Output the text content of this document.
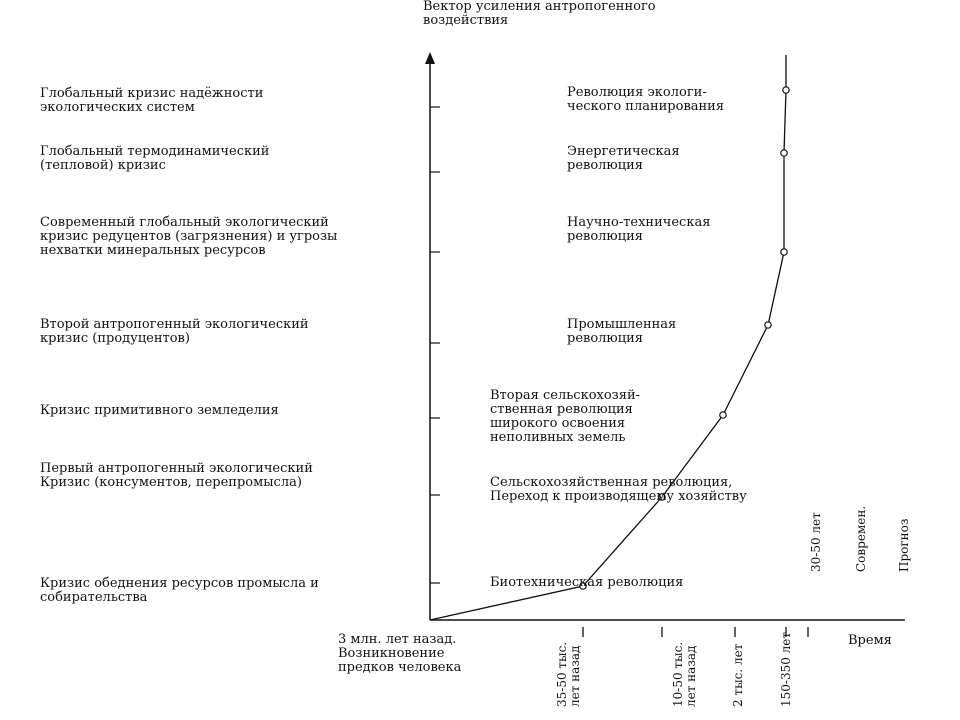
Вектор усиления антропогенного
воздействия
Время
Глобальный кризис надёжности
экологических систем
Глобальный термодинамический
(тепловой) кризис
Современный глобальный экологический
кризис редуцентов (загрязнения) и угрозы
нехватки минеральных ресурсов
Второй антропогенный экологический
кризис (продуцентов)
Кризис примитивного земледелия
Первый антропогенный экологический
Кризис (консументов, перепромысла)
Кризис обеднения ресурсов промысла и
собирательства
Революция экологи-
ческого планирования
Энергетическая
революция
Научно-техническая
революция
Промышленная
революция
Вторая сельскохозяй-
ственная революция
широкого освоения
неполивных земель
Сельскохозяйственная революция,
Переход к производящему хозяйству
Биотехническая революция
3 млн. лет назад.
Возникновение
предков человека
35-50 тыс.
лет назад
10-50 тыс.
лет назад	2 тыс. лет	150-350 лет
30-50 лет	Современ. Прогноз
